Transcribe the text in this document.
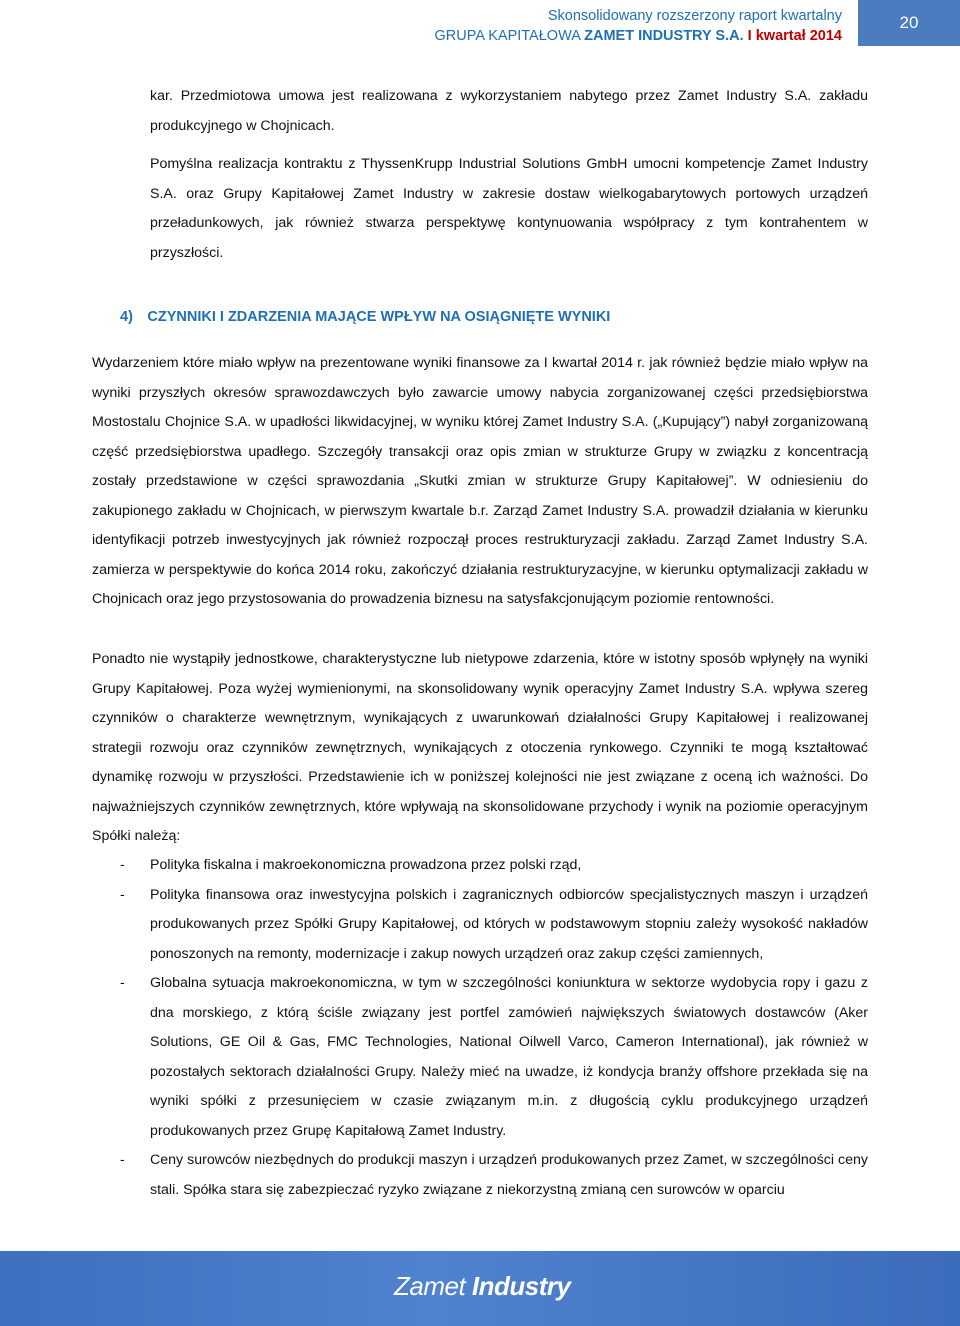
Skonsolidowany rozszerzony raport kwartalny
GRUPA KAPITAŁOWA ZAMET INDUSTRY S.A. I kwartał 2014
20
kar. Przedmiotowa umowa jest realizowana z wykorzystaniem nabytego przez Zamet Industry S.A. zakładu produkcyjnego w Chojnicach.
Pomyślna realizacja kontraktu z ThyssenKrupp Industrial Solutions GmbH umocni kompetencje Zamet Industry S.A. oraz Grupy Kapitałowej Zamet Industry w zakresie dostaw wielkogabarytowych portowych urządzeń przeładunkowych, jak również stwarza perspektywę kontynuowania współpracy z tym kontrahentem w przyszłości.
4) CZYNNIKI I ZDARZENIA MAJĄCE WPŁYW NA OSIĄGNIĘTE WYNIKI
Wydarzeniem które miało wpływ na prezentowane wyniki finansowe za I kwartał 2014 r. jak również będzie miało wpływ na wyniki przyszłych okresów sprawozdawczych było zawarcie umowy nabycia zorganizowanej części przedsiębiorstwa Mostostalu Chojnice S.A. w upadłości likwidacyjnej, w wyniku której Zamet Industry S.A. („Kupujący”) nabył zorganizowaną część przedsiębiorstwa upadłego. Szczegóły transakcji oraz opis zmian w strukturze Grupy w związku z koncentracją zostały przedstawione w części sprawozdania „Skutki zmian w strukturze Grupy Kapitałowej”. W odniesieniu do zakupionego zakładu w Chojnicach, w pierwszym kwartale b.r. Zarząd Zamet Industry S.A. prowadził działania w kierunku identyfikacji potrzeb inwestycyjnych jak również rozpoczął proces restrukturyzacji zakładu. Zarząd Zamet Industry S.A. zamierza w perspektywie do końca 2014 roku, zakończyć działania restrukturyzacyjne, w kierunku optymalizacji zakładu w Chojnicach oraz jego przystosowania do prowadzenia biznesu na satysfakcjonującym poziomie rentowności.
Ponadto nie wystąpiły jednostkowe, charakterystyczne lub nietypowe zdarzenia, które w istotny sposób wpłynęły na wyniki Grupy Kapitałowej. Poza wyżej wymienionymi, na skonsolidowany wynik operacyjny Zamet Industry S.A. wpływa szereg czynników o charakterze wewnętrznym, wynikających z uwarunkowań działalności Grupy Kapitałowej i realizowanej strategii rozwoju oraz czynników zewnętrznych, wynikających z otoczenia rynkowego. Czynniki te mogą kształtować dynamikę rozwoju w przyszłości. Przedstawienie ich w poniższej kolejności nie jest związane z oceną ich ważności. Do najważniejszych czynników zewnętrznych, które wpływają na skonsolidowane przychody i wynik na poziomie operacyjnym Spółki należą:
- Polityka fiskalna i makroekonomiczna prowadzona przez polski rząd,
- Polityka finansowa oraz inwestycyjna polskich i zagranicznych odbiorców specjalistycznych maszyn i urządzeń produkowanych przez Spółki Grupy Kapitałowej, od których w podstawowym stopniu zależy wysokość nakładów ponoszonych na remonty, modernizacje i zakup nowych urządzeń oraz zakup części zamiennych,
- Globalna sytuacja makroekonomiczna, w tym w szczególności koniunktura w sektorze wydobycia ropy i gazu z dna morskiego, z którą ściśle związany jest portfel zamówień największych światowych dostawców (Aker Solutions, GE Oil & Gas, FMC Technologies, National Oilwell Varco, Cameron International), jak również w pozostałych sektorach działalności Grupy. Należy mieć na uwadze, iż kondycja branży offshore przekłada się na wyniki spółki z przesunięciem w czasie związanym m.in. z długością cyklu produkcyjnego urządzeń produkowanych przez Grupę Kapitałową Zamet Industry.
- Ceny surowców niezbędnych do produkcji maszyn i urządzeń produkowanych przez Zamet, w szczególności ceny stali. Spółka stara się zabezpieczać ryzyko związane z niekorzystną zmianą cen surowców w oparciu
Zamet Industry
